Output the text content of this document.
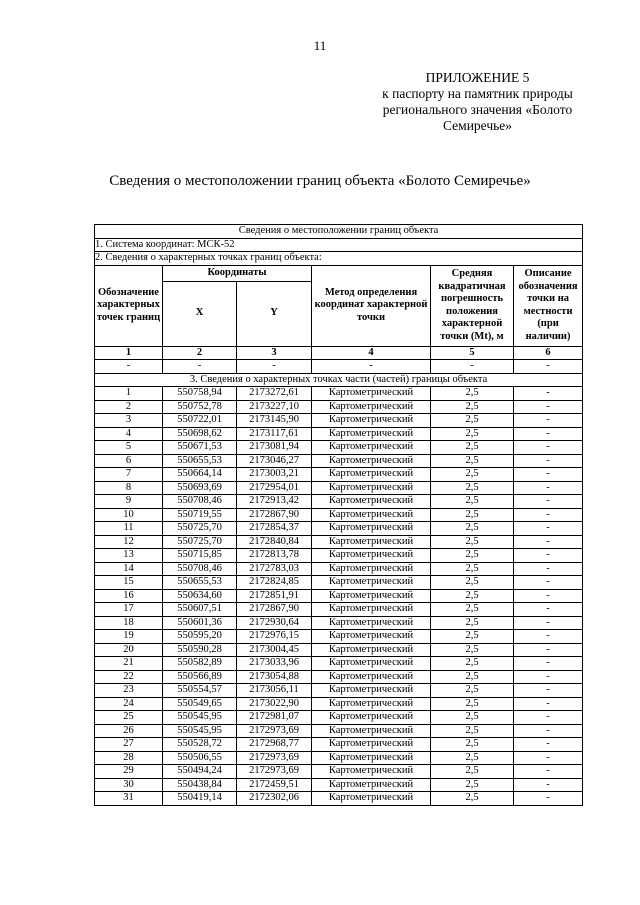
11
ПРИЛОЖЕНИЕ 5
к паспорту на памятник природы
регионального значения «Болото
Семиречье»
Сведения о местоположении границ объекта «Болото Семиречье»
Сведения о местоположении границ объекта					
1. Система координат: МСК-52					
2. Сведения о характерных точках границ объекта:					
Обозначение характерных точек границ	Координаты		Метод определения координат характерной точки	Средняя квадратичная погрешность положения характерной точки (Mt), м	Описание обозначения точки на местности (при наличии)
	X	Y			
1	2	3	4	5	6
-	-	-	-	-	-
3. Сведения о характерных точках части (частей) границы объекта					
1	550758,94	2173272,61	Картометрический	2,5	-
2	550752,78	2173227,10	Картометрический	2,5	-
3	550722,01	2173145,90	Картометрический	2,5	-
4	550698,62	2173117,61	Картометрический	2,5	-
5	550671,53	2173081,94	Картометрический	2,5	-
6	550655,53	2173046,27	Картометрический	2,5	-
7	550664,14	2173003,21	Картометрический	2,5	-
8	550693,69	2172954,01	Картометрический	2,5	-
9	550708,46	2172913,42	Картометрический	2,5	-
10	550719,55	2172867,90	Картометрический	2,5	-
11	550725,70	2172854,37	Картометрический	2,5	-
12	550725,70	2172840,84	Картометрический	2,5	-
13	550715,85	2172813,78	Картометрический	2,5	-
14	550708,46	2172783,03	Картометрический	2,5	-
15	550655,53	2172824,85	Картометрический	2,5	-
16	550634,60	2172851,91	Картометрический	2,5	-
17	550607,51	2172867,90	Картометрический	2,5	-
18	550601,36	2172930,64	Картометрический	2,5	-
19	550595,20	2172976,15	Картометрический	2,5	-
20	550590,28	2173004,45	Картометрический	2,5	-
21	550582,89	2173033,96	Картометрический	2,5	-
22	550566,89	2173054,88	Картометрический	2,5	-
23	550554,57	2173056,11	Картометрический	2,5	-
24	550549,65	2173022,90	Картометрический	2,5	-
25	550545,95	2172981,07	Картометрический	2,5	-
26	550545,95	2172973,69	Картометрический	2,5	-
27	550528,72	2172968,77	Картометрический	2,5	-
28	550506,55	2172973,69	Картометрический	2,5	-
29	550494,24	2172973,69	Картометрический	2,5	-
30	550438,84	2172459,51	Картометрический	2,5	-
31	550419,14	2172302,06	Картометрический	2,5	-
